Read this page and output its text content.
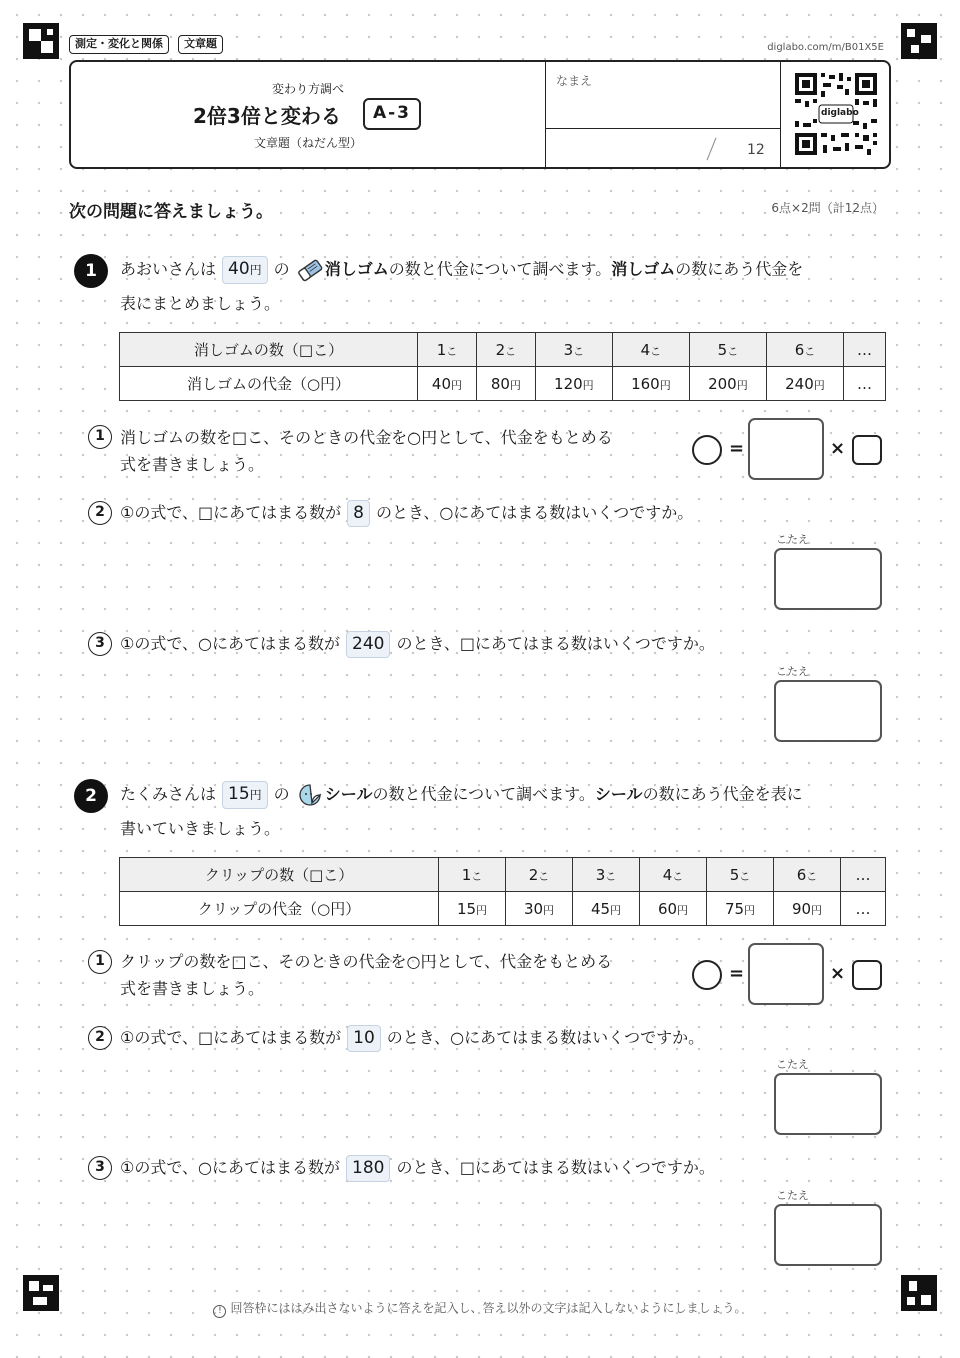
測定・変化と関係	文章題	diglabo.com/m/B01X5E
変わり方調べ
2倍3倍と変わる	A-3
文章題（ねだん型）
なまえ
12
diglabo
次の問題に答えましょう。	6点×2問（計12点）
1	あおいさんは 40円 の 消しゴムの数と代金について調べます。消しゴムの数にあう代金を
表にまとめましょう。
消しゴムの数（□こ）	1こ	2こ	3こ	4こ	5こ	6こ	…
消しゴムの代金（○円）	40円	80円	120円	160円	200円	240円	…
1 消しゴムの数を□こ、そのときの代金を○円として、代金をもとめる
式を書きましょう。
=	×
2 ①の式で、□にあてはまる数が 8 のとき、○にあてはまる数はいくつですか。
こたえ
3 ①の式で、○にあてはまる数が 240 のとき、□にあてはまる数はいくつですか。
こたえ
2	たくみさんは 15円 の シールの数と代金について調べます。シールの数にあう代金を表に
書いていきましょう。
クリップの数（□こ）	1こ	2こ	3こ	4こ	5こ	6こ	…
クリップの代金（○円）	15円	30円	45円	60円	75円	90円	…
1 クリップの数を□こ、そのときの代金を○円として、代金をもとめる
式を書きましょう。
=	×
2 ①の式で、□にあてはまる数が 10 のとき、○にあてはまる数はいくつですか。
こたえ
3 ①の式で、○にあてはまる数が 180 のとき、□にあてはまる数はいくつですか。
こたえ
! 回答枠にははみ出さないように答えを記入し、答え以外の文字は記入しないようにしましょう。
